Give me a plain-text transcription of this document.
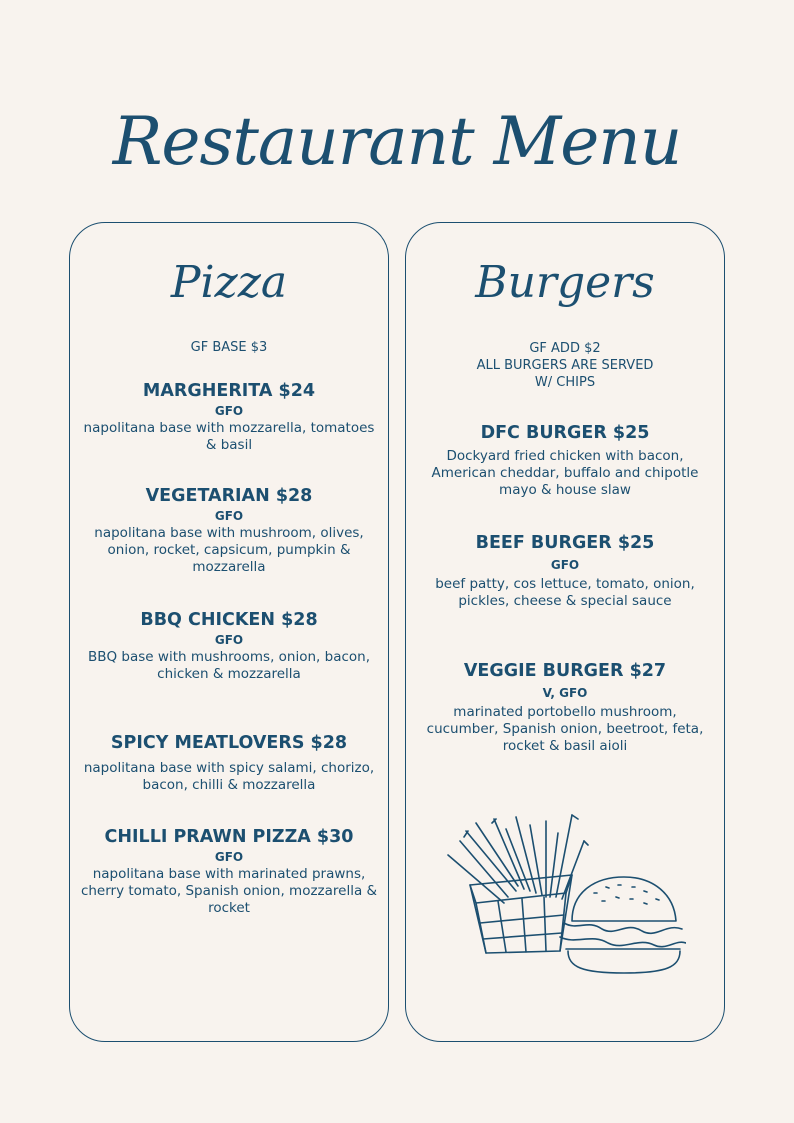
Restaurant Menu
Pizza
GF BASE $3
MARGHERITA $24
GFO
napolitana base with mozzarella, tomatoes & basil
VEGETARIAN $28
GFO
napolitana base with mushroom, olives, onion, rocket, capsicum, pumpkin & mozzarella
BBQ CHICKEN $28
GFO
BBQ base with mushrooms, onion, bacon, chicken & mozzarella
SPICY MEATLOVERS $28
napolitana base with spicy salami, chorizo, bacon, chilli & mozzarella
CHILLI PRAWN PIZZA $30
GFO
napolitana base with marinated prawns, cherry tomato, Spanish onion, mozzarella & rocket
Burgers
GF ADD $2
ALL BURGERS ARE SERVED
W/ CHIPS
DFC BURGER $25
Dockyard fried chicken with bacon, American cheddar, buffalo and chipotle mayo & house slaw
BEEF BURGER $25
GFO
beef patty, cos lettuce, tomato, onion, pickles, cheese & special sauce
VEGGIE BURGER $27
V, GFO
marinated portobello mushroom, cucumber, Spanish onion, beetroot, feta, rocket & basil aioli
